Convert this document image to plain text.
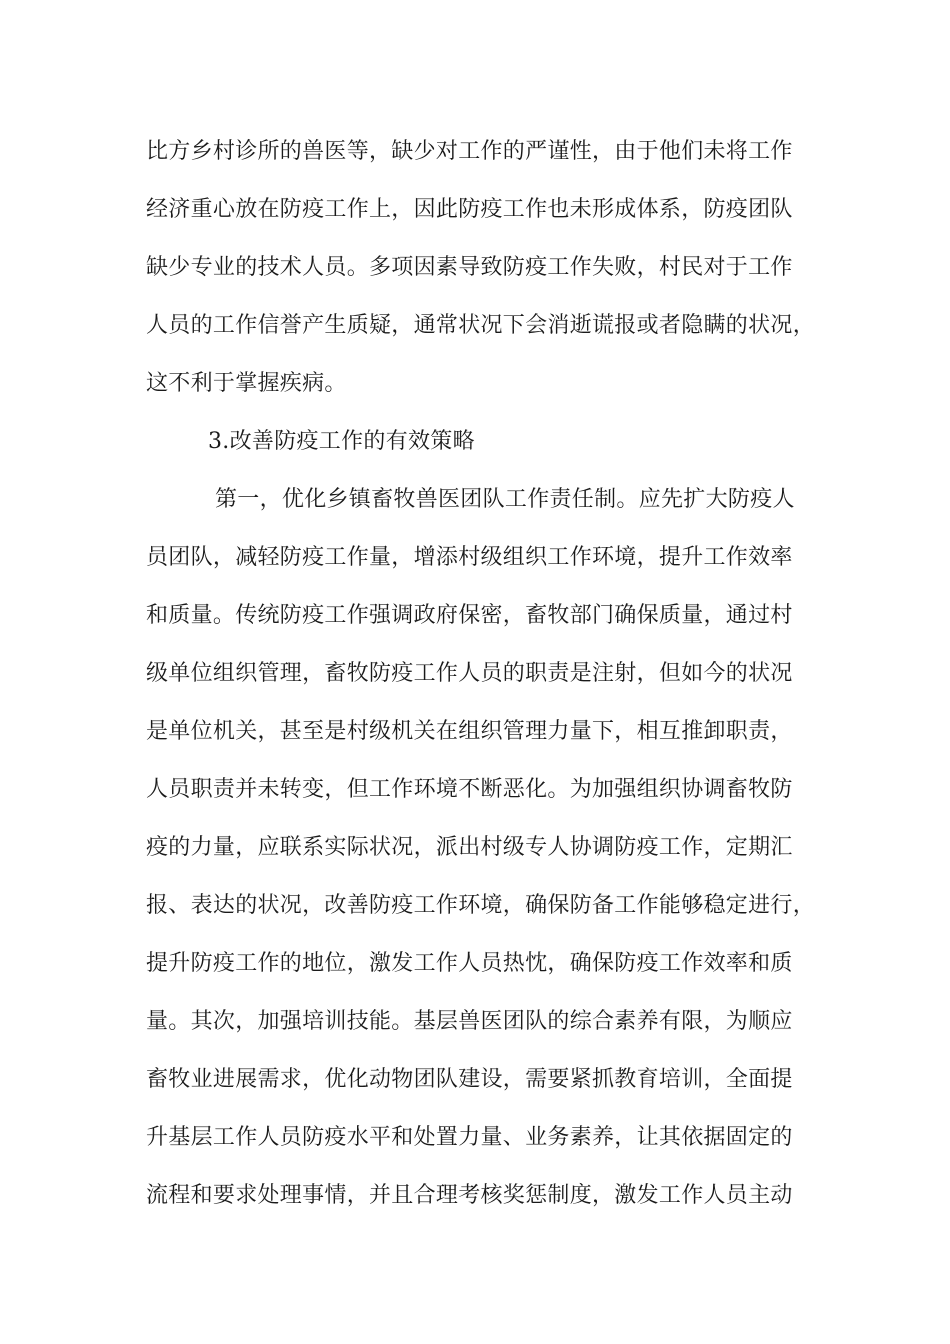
比方乡村诊所的兽医等，缺少对工作的严谨性，由于他们未将工作
经济重心放在防疫工作上，因此防疫工作也未形成体系，防疫团队
缺少专业的技术人员。多项因素导致防疫工作失败，村民对于工作
人员的工作信誉产生质疑，通常状况下会消逝谎报或者隐瞒的状况，
这不利于掌握疾病。
3.改善防疫工作的有效策略
第一，优化乡镇畜牧兽医团队工作责任制。应先扩大防疫人
员团队，减轻防疫工作量，增添村级组织工作环境，提升工作效率
和质量。传统防疫工作强调政府保密，畜牧部门确保质量，通过村
级单位组织管理，畜牧防疫工作人员的职责是注射，但如今的状况
是单位机关，甚至是村级机关在组织管理力量下，相互推卸职责，
人员职责并未转变，但工作环境不断恶化。为加强组织协调畜牧防
疫的力量，应联系实际状况，派出村级专人协调防疫工作，定期汇
报、表达的状况，改善防疫工作环境，确保防备工作能够稳定进行，
提升防疫工作的地位，激发工作人员热忱，确保防疫工作效率和质
量。其次，加强培训技能。基层兽医团队的综合素养有限，为顺应
畜牧业进展需求，优化动物团队建设，需要紧抓教育培训，全面提
升基层工作人员防疫水平和处置力量、业务素养，让其依据固定的
流程和要求处理事情，并且合理考核奖惩制度，激发工作人员主动
